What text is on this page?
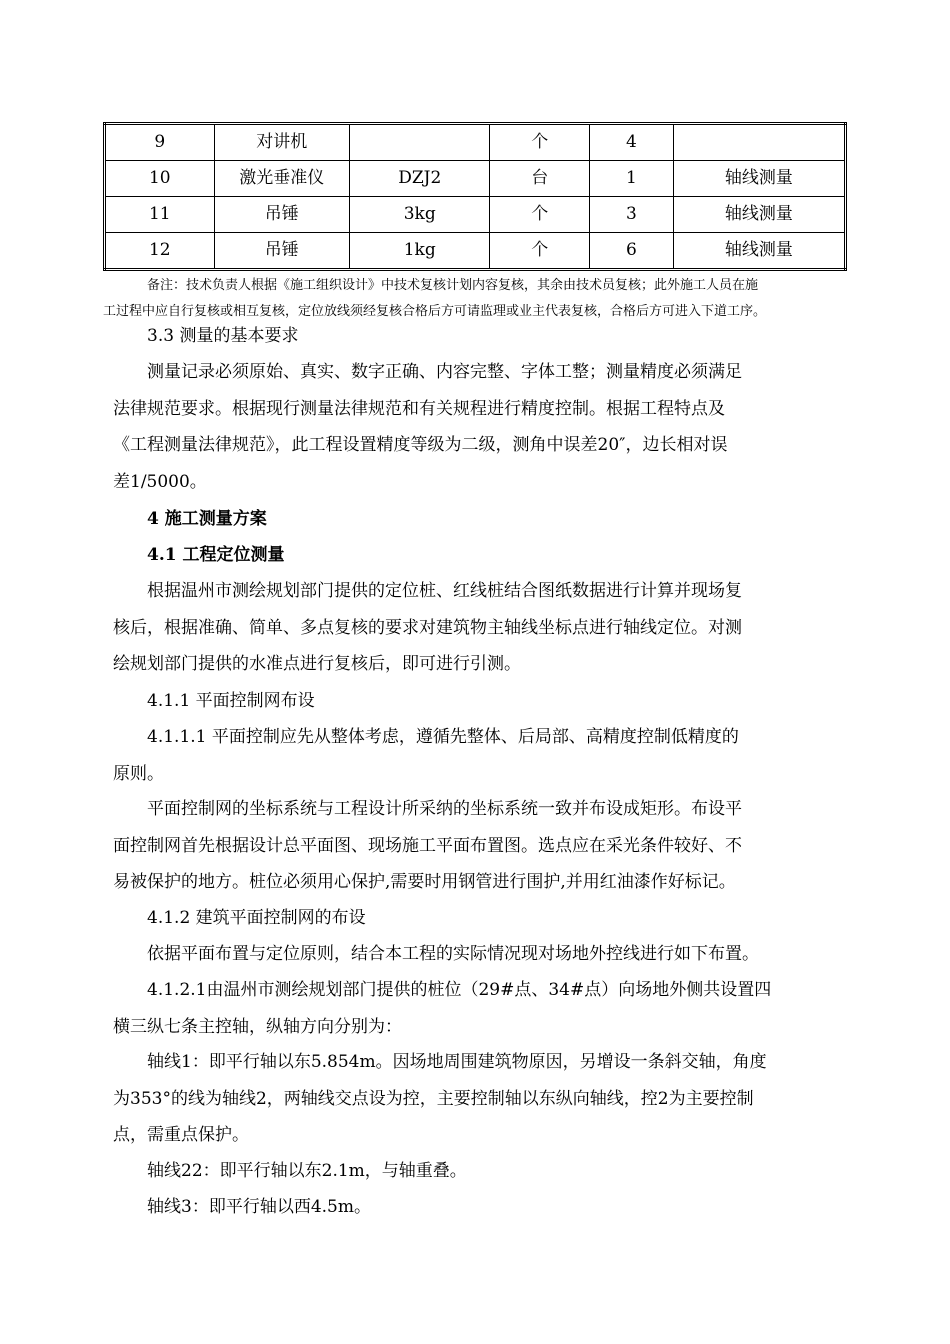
9	对讲机		个	4	
10	激光垂准仪	DZJ2	台	1	轴线测量
11	吊锤	3kg	个	3	轴线测量
12	吊锤	1kg	个	6	轴线测量
备注：技术负责人根据《施工组织设计》中技术复核计划内容复核，其余由技术员复核；此外施工人员在施
工过程中应自行复核或相互复核，定位放线须经复核合格后方可请监理或业主代表复核，合格后方可进入下道工序。
3.3 测量的基本要求
测量记录必须原始、真实、数字正确、内容完整、字体工整；测量精度必须满足
法律规范要求。根据现行测量法律规范和有关规程进行精度控制。根据工程特点及
《工程测量法律规范》，此工程设置精度等级为二级，测角中误差20″，边长相对误
差1/5000。
4 施工测量方案
4.1 工程定位测量
根据温州市测绘规划部门提供的定位桩、红线桩结合图纸数据进行计算并现场复
核后，根据准确、简单、多点复核的要求对建筑物主轴线坐标点进行轴线定位。对测
绘规划部门提供的水准点进行复核后，即可进行引测。
4.1.1 平面控制网布设
4.1.1.1 平面控制应先从整体考虑，遵循先整体、后局部、高精度控制低精度的
原则。
平面控制网的坐标系统与工程设计所采纳的坐标系统一致并布设成矩形。布设平
面控制网首先根据设计总平面图、现场施工平面布置图。选点应在采光条件较好、不
易被保护的地方。桩位必须用心保护,需要时用钢管进行围护,并用红油漆作好标记。
4.1.2 建筑平面控制网的布设
依据平面布置与定位原则，结合本工程的实际情况现对场地外控线进行如下布置。
4.1.2.1由温州市测绘规划部门提供的桩位（29#点、34#点）向场地外侧共设置四
横三纵七条主控轴，纵轴方向分别为：
轴线1：即平行轴以东5.854m。因场地周围建筑物原因，另增设一条斜交轴，角度
为353°的线为轴线2，两轴线交点设为控，主要控制轴以东纵向轴线，控2为主要控制
点，需重点保护。
轴线22：即平行轴以东2.1m，与轴重叠。
轴线3：即平行轴以西4.5m。
